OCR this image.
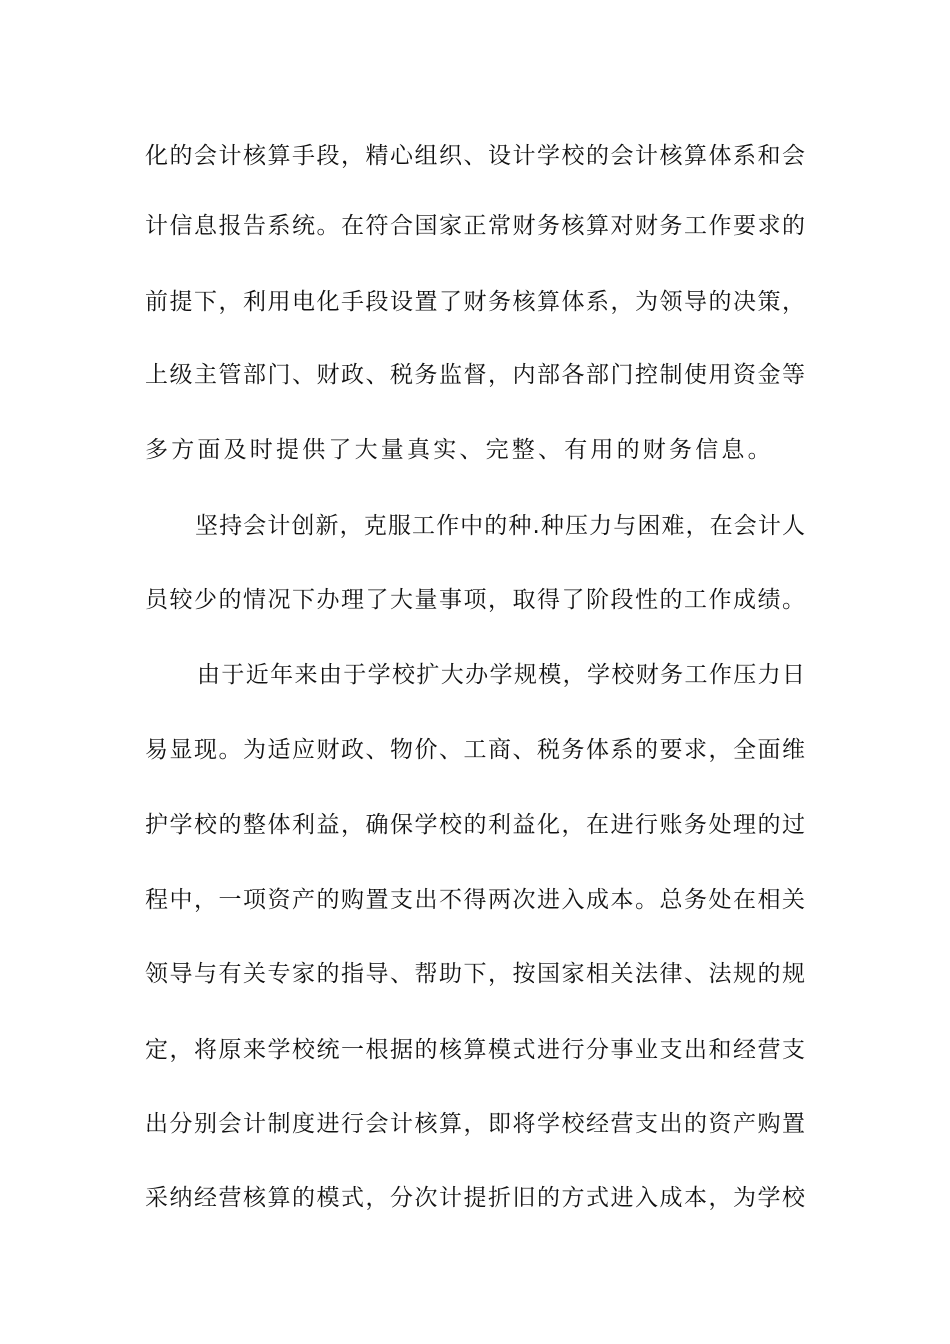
化的会计核算手段，精心组织、设计学校的会计核算体系和会
计信息报告系统。在符合国家正常财务核算对财务工作要求的
前提下，利用电化手段设置了财务核算体系，为领导的决策，
上级主管部门、财政、税务监督，内部各部门控制使用资金等
多方面及时提供了大量真实、完整、有用的财务信息。
坚持会计创新，克服工作中的种.种压力与困难，在会计人
员较少的情况下办理了大量事项，取得了阶段性的工作成绩。
由于近年来由于学校扩大办学规模，学校财务工作压力日
易显现。为适应财政、物价、工商、税务体系的要求，全面维
护学校的整体利益，确保学校的利益化，在进行账务处理的过
程中，一项资产的购置支出不得两次进入成本。总务处在相关
领导与有关专家的指导、帮助下，按国家相关法律、法规的规
定，将原来学校统一根据的核算模式进行分事业支出和经营支
出分别会计制度进行会计核算，即将学校经营支出的资产购置
采纳经营核算的模式，分次计提折旧的方式进入成本，为学校
